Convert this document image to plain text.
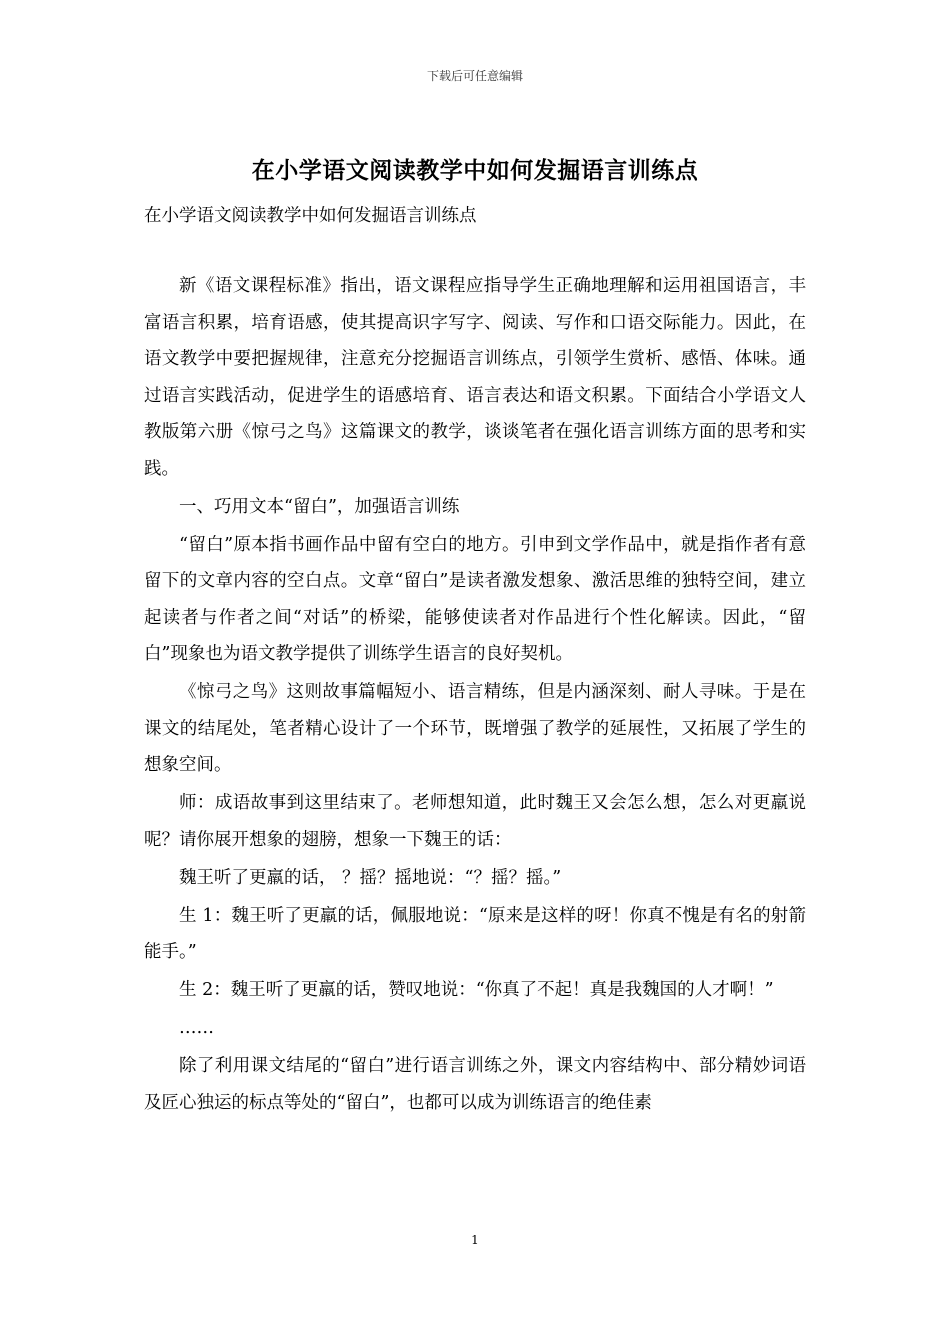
下载后可任意编辑
在小学语文阅读教学中如何发掘语言训练点
在小学语文阅读教学中如何发掘语言训练点

新《语文课程标准》指出，语文课程应指导学生正确地理解和运用祖国语言，丰富语言积累，培育语感，使其提高识字写字、阅读、写作和口语交际能力。因此，在语文教学中要把握规律，注意充分挖掘语言训练点，引领学生赏析、感悟、体味。通过语言实践活动，促进学生的语感培育、语言表达和语文积累。下面结合小学语文人教版第六册《惊弓之鸟》这篇课文的教学，谈谈笔者在强化语言训练方面的思考和实践。

一、巧用文本“留白”，加强语言训练

“留白”原本指书画作品中留有空白的地方。引申到文学作品中，就是指作者有意留下的文章内容的空白点。文章“留白”是读者激发想象、激活思维的独特空间，建立起读者与作者之间“对话”的桥梁，能够使读者对作品进行个性化解读。因此，“留白”现象也为语文教学提供了训练学生语言的良好契机。

《惊弓之鸟》这则故事篇幅短小、语言精练，但是内涵深刻、耐人寻味。于是在课文的结尾处，笔者精心设计了一个环节，既增强了教学的延展性，又拓展了学生的想象空间。

师：成语故事到这里结束了。老师想知道，此时魏王又会怎么想，怎么对更羸说呢？请你展开想象的翅膀，想象一下魏王的话：

魏王听了更羸的话， ？摇？摇地说：“？摇？摇。”

生 1：魏王听了更羸的话，佩服地说：“原来是这样的呀！你真不愧是有名的射箭能手。”

生 2：魏王听了更羸的话，赞叹地说：“你真了不起！真是我魏国的人才啊！”

……

除了利用课文结尾的“留白”进行语言训练之外，课文内容结构中、部分精妙词语及匠心独运的标点等处的“留白”，也都可以成为训练语言的绝佳素

1
